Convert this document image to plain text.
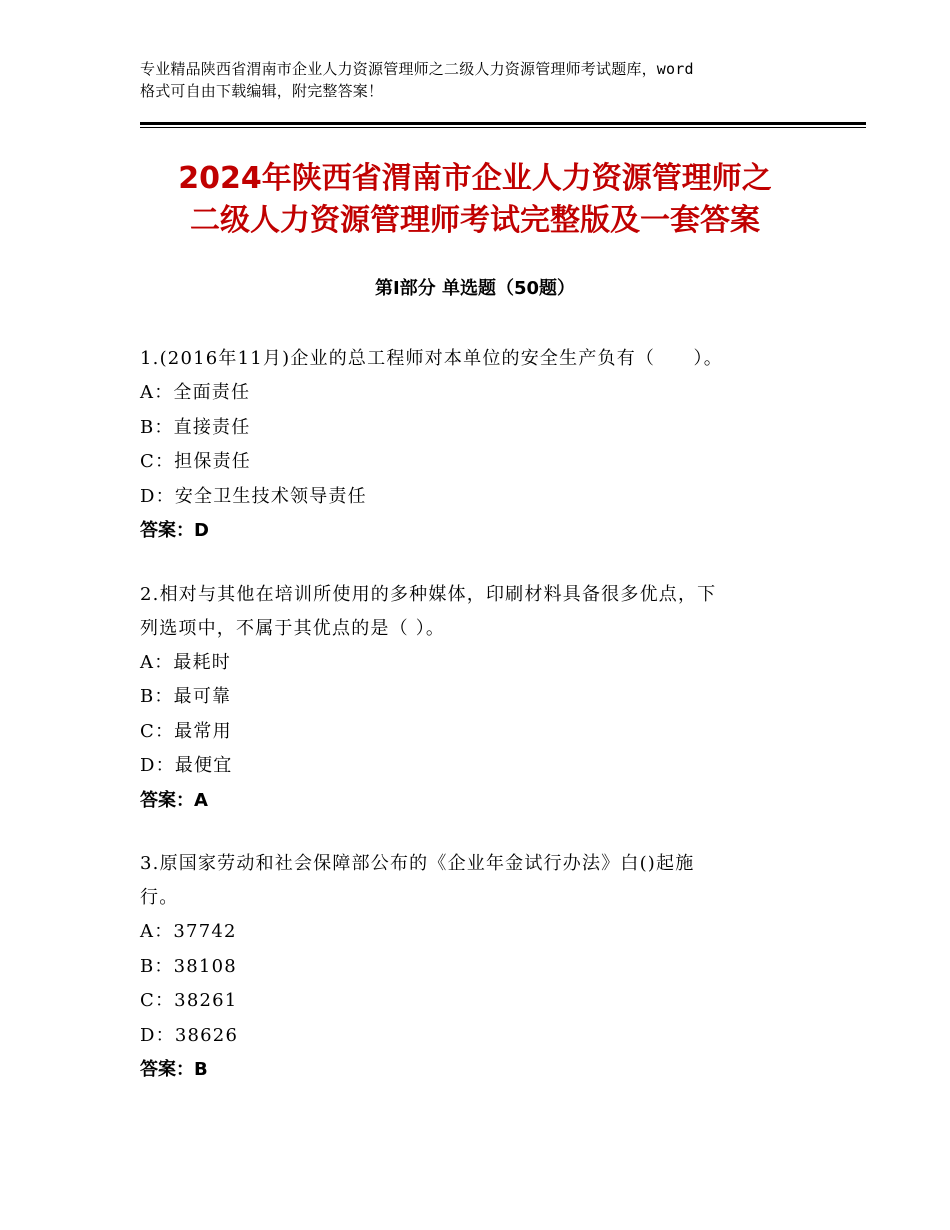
专业精品陕西省渭南市企业人力资源管理师之二级人力资源管理师考试题库，word
格式可自由下载编辑，附完整答案！
2024年陕西省渭南市企业人力资源管理师之
二级人力资源管理师考试完整版及一套答案
第Ⅰ部分 单选题（50题）
1.(2016年11月)企业的总工程师对本单位的安全生产负有（　　）。
A：全面责任
B：直接责任
C：担保责任
D：安全卫生技术领导责任
答案：D
2.相对与其他在培训所使用的多种媒体，印刷材料具备很多优点，下
列选项中，不属于其优点的是（ ）。
A：最耗时
B：最可靠
C：最常用
D：最便宜
答案：A
3.原国家劳动和社会保障部公布的《企业年金试行办法》白()起施
行。
A：37742
B：38108
C：38261
D：38626
答案：B
